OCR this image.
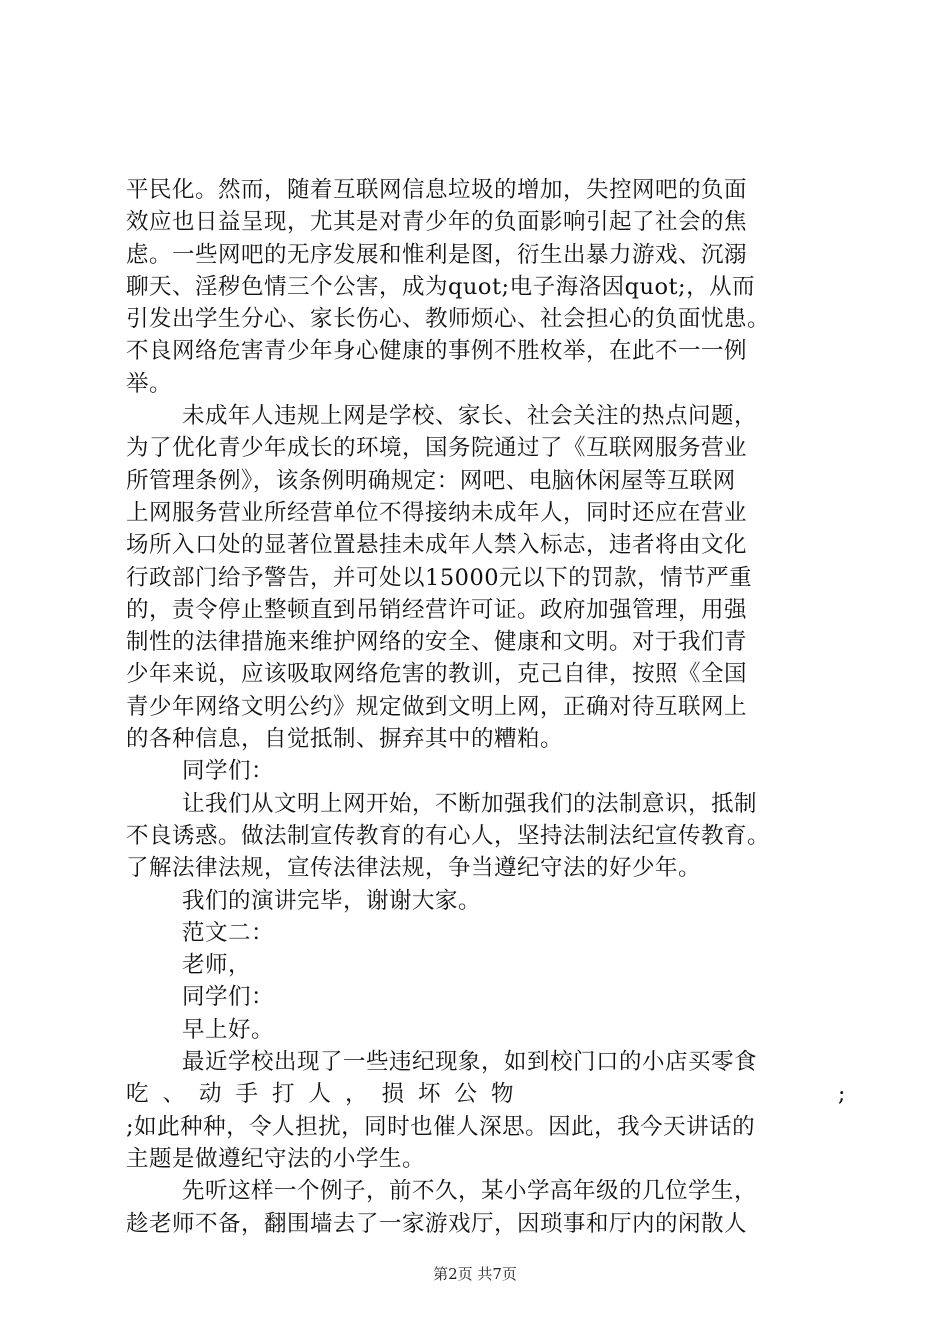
平民化。然而，随着互联网信息垃圾的增加，失控网吧的负面
效应也日益呈现，尤其是对青少年的负面影响引起了社会的焦
虑。一些网吧的无序发展和惟利是图，衍生出暴力游戏、沉溺
聊天、淫秽色情三个公害，成为quot;电子海洛因quot;，从而
引发出学生分心、家长伤心、教师烦心、社会担心的负面忧患。
不良网络危害青少年身心健康的事例不胜枚举，在此不一一例
举。
未成年人违规上网是学校、家长、社会关注的热点问题，
为了优化青少年成长的环境，国务院通过了《互联网服务营业
所管理条例》，该条例明确规定：网吧、电脑休闲屋等互联网
上网服务营业所经营单位不得接纳未成年人，同时还应在营业
场所入口处的显著位置悬挂未成年人禁入标志，违者将由文化
行政部门给予警告，并可处以15000元以下的罚款，情节严重
的，责令停止整顿直到吊销经营许可证。政府加强管理，用强
制性的法律措施来维护网络的安全、健康和文明。对于我们青
少年来说，应该吸取网络危害的教训，克己自律，按照《全国
青少年网络文明公约》规定做到文明上网，正确对待互联网上
的各种信息，自觉抵制、摒弃其中的糟粕。
同学们：
让我们从文明上网开始，不断加强我们的法制意识，抵制
不良诱惑。做法制宣传教育的有心人，坚持法制法纪宣传教育。
了解法律法规，宣传法律法规，争当遵纪守法的好少年。
我们的演讲完毕，谢谢大家。
范文二：
老师，
同学们：
早上好。
最近学校出现了一些违纪现象，如到校门口的小店买零食
吃、动手打人，损坏公物	;
;如此种种，令人担扰，同时也催人深思。因此，我今天讲话的
主题是做遵纪守法的小学生。
先听这样一个例子，前不久，某小学高年级的几位学生，
趁老师不备，翻围墙去了一家游戏厅，因琐事和厅内的闲散人
第2页 共7页
